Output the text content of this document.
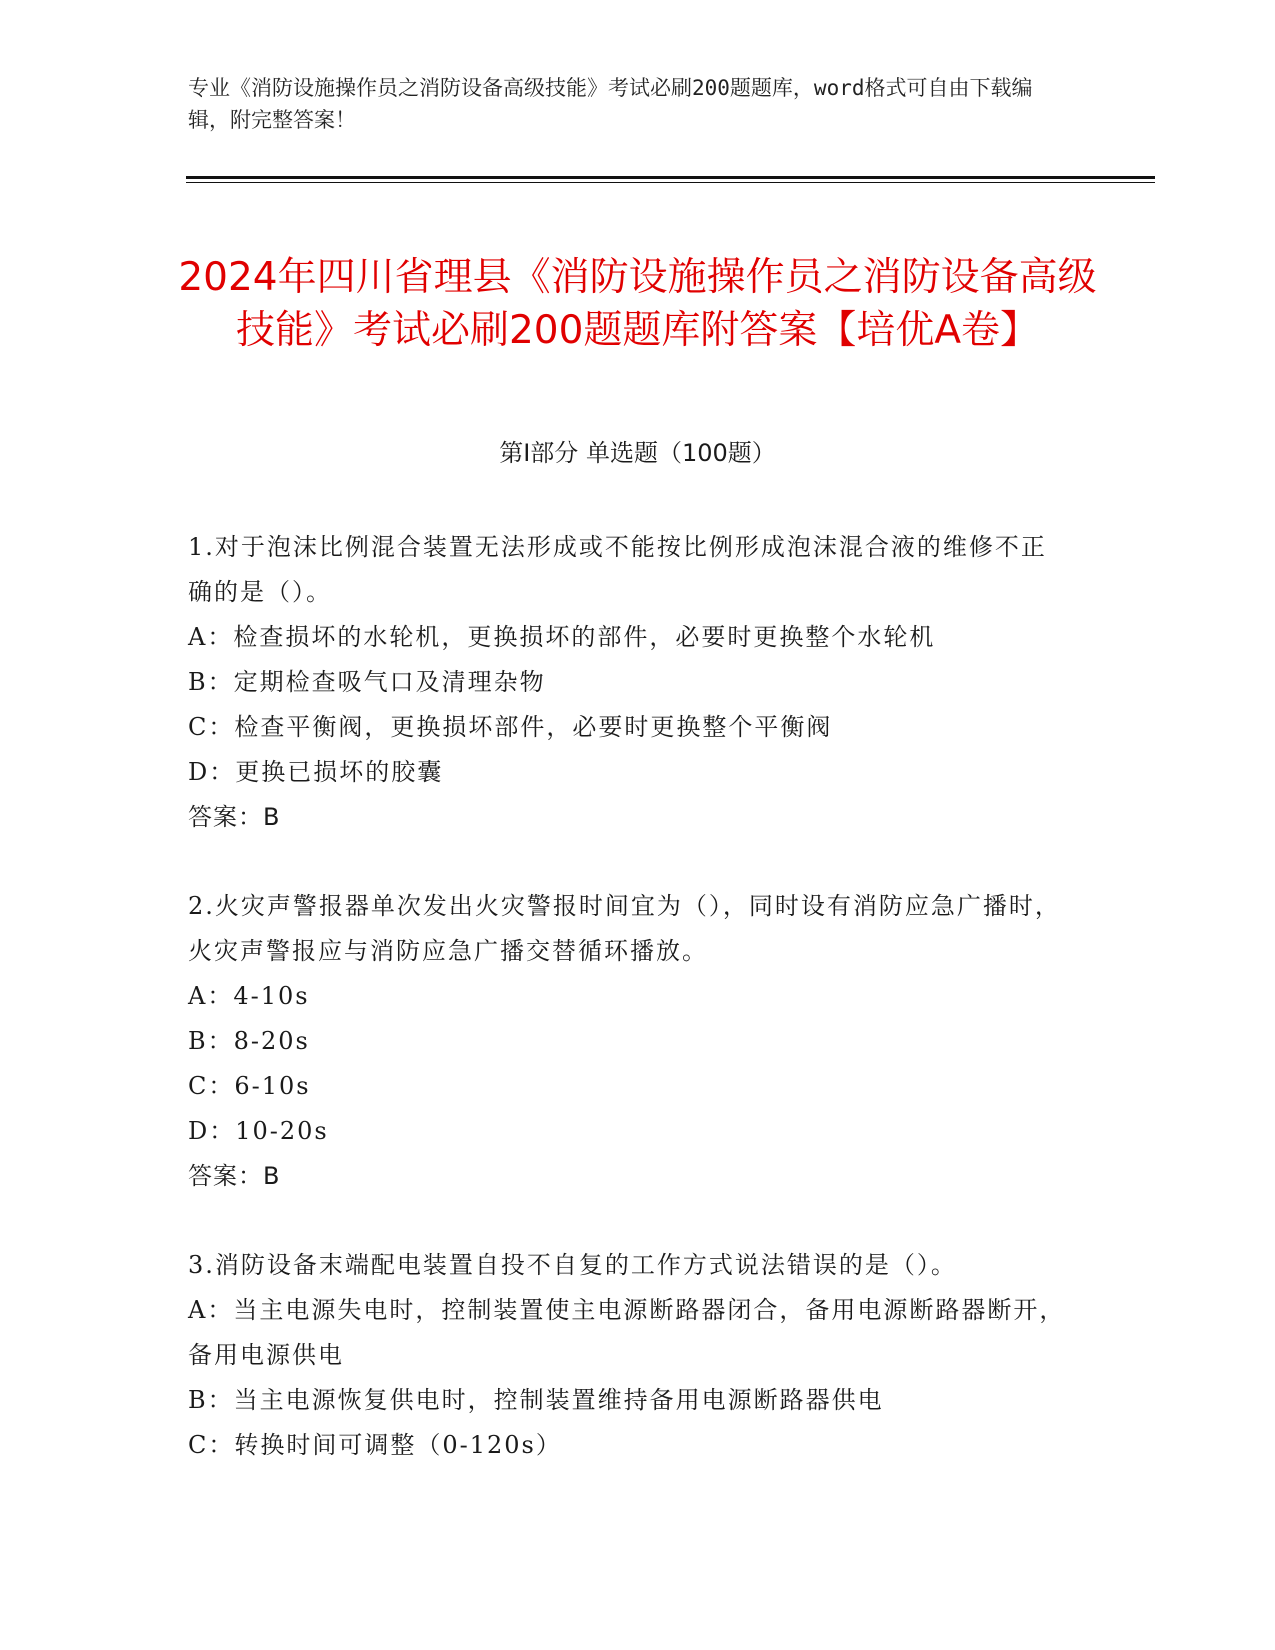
专业《消防设施操作员之消防设备高级技能》考试必刷200题题库，word格式可自由下载编辑，附完整答案！
2024年四川省理县《消防设施操作员之消防设备高级技能》考试必刷200题题库附答案【培优A卷】
第I部分 单选题（100题）
1.对于泡沫比例混合装置无法形成或不能按比例形成泡沫混合液的维修不正确的是（）。
A：检查损坏的水轮机，更换损坏的部件，必要时更换整个水轮机
B：定期检查吸气口及清理杂物
C：检查平衡阀，更换损坏部件，必要时更换整个平衡阀
D：更换已损坏的胶囊
答案：B
2.火灾声警报器单次发出火灾警报时间宜为（），同时设有消防应急广播时，火灾声警报应与消防应急广播交替循环播放。
A：4-10s
B：8-20s
C：6-10s
D：10-20s
答案：B
3.消防设备末端配电装置自投不自复的工作方式说法错误的是（）。
A：当主电源失电时，控制装置使主电源断路器闭合，备用电源断路器断开，备用电源供电
B：当主电源恢复供电时，控制装置维持备用电源断路器供电
C：转换时间可调整（0-120s）
